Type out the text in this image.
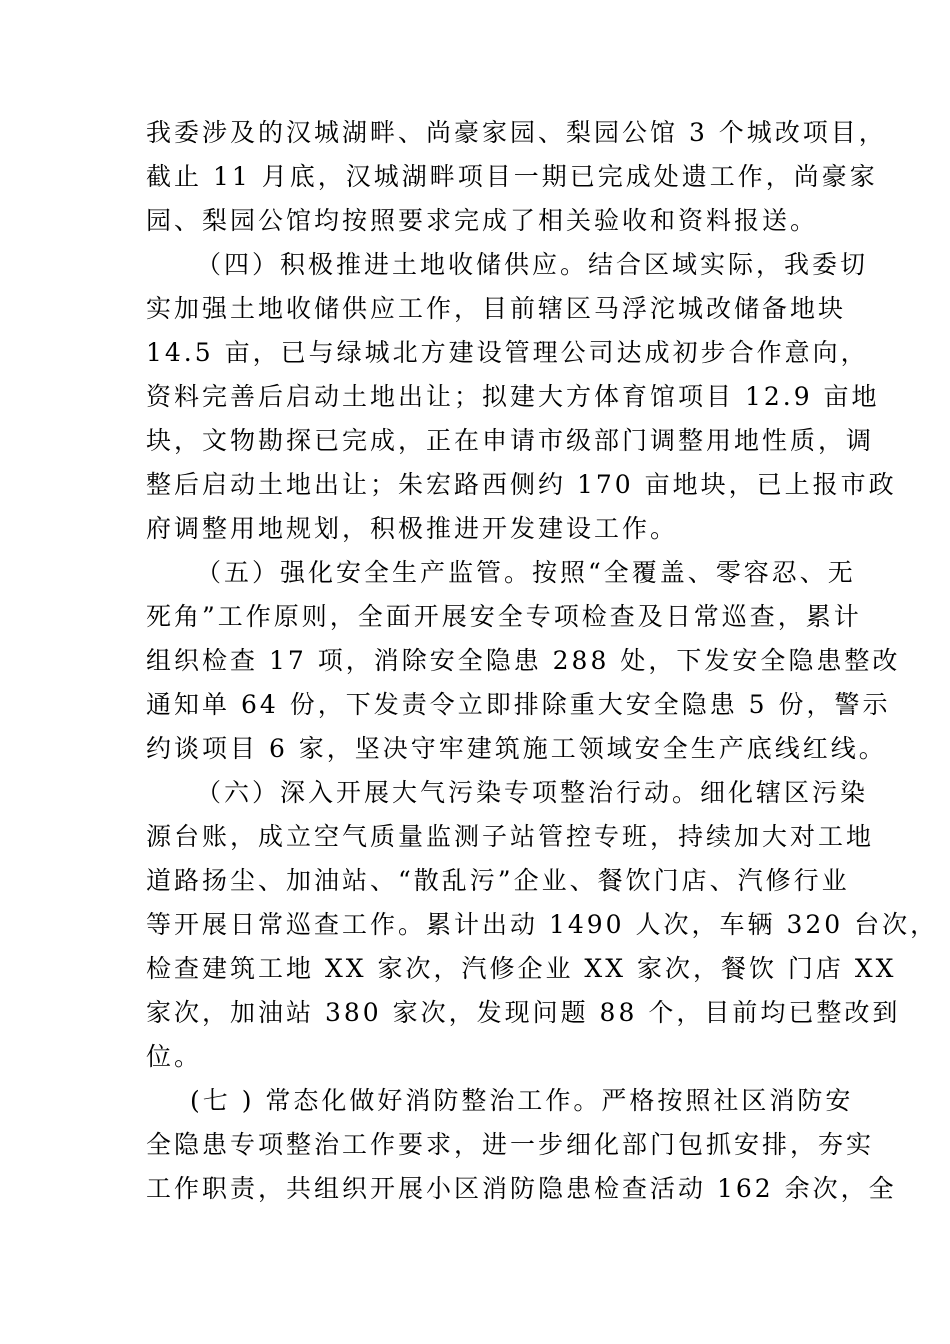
我委涉及的汉城湖畔、尚豪家园、梨园公馆 3 个城改项目，
截止 11 月底，汉城湖畔项目一期已完成处遗工作，尚豪家
园、梨园公馆均按照要求完成了相关验收和资料报送。
（四）积极推进土地收储供应。结合区域实际，我委切
实加强土地收储供应工作，目前辖区马浮沱城改储备地块
14.5 亩，已与绿城北方建设管理公司达成初步合作意向，
资料完善后启动土地出让；拟建大方体育馆项目 12.9 亩地
块，文物勘探已完成，正在申请市级部门调整用地性质，调
整后启动土地出让；朱宏路西侧约 170 亩地块，已上报市政
府调整用地规划，积极推进开发建设工作。
（五）强化安全生产监管。按照“全覆盖、零容忍、无
死角”工作原则，全面开展安全专项检查及日常巡查，累计
组织检查 17 项，消除安全隐患 288 处，下发安全隐患整改
通知单 64 份，下发责令立即排除重大安全隐患 5 份，警示
约谈项目 6 家，坚决守牢建筑施工领域安全生产底线红线。
（六）深入开展大气污染专项整治行动。细化辖区污染
源台账，成立空气质量监测子站管控专班，持续加大对工地
道路扬尘、加油站、“散乱污”企业、餐饮门店、汽修行业
等开展日常巡查工作。累计出动 1490 人次，车辆 320 台次，
检查建筑工地 XX 家次，汽修企业 XX 家次，餐饮 门店 XX
家次，加油站 380 家次，发现问题 88 个，目前均已整改到
位。
(七 ) 常态化做好消防整治工作。严格按照社区消防安
全隐患专项整治工作要求，进一步细化部门包抓安排，夯实
工作职责，共组织开展小区消防隐患检查活动 162 余次，全
